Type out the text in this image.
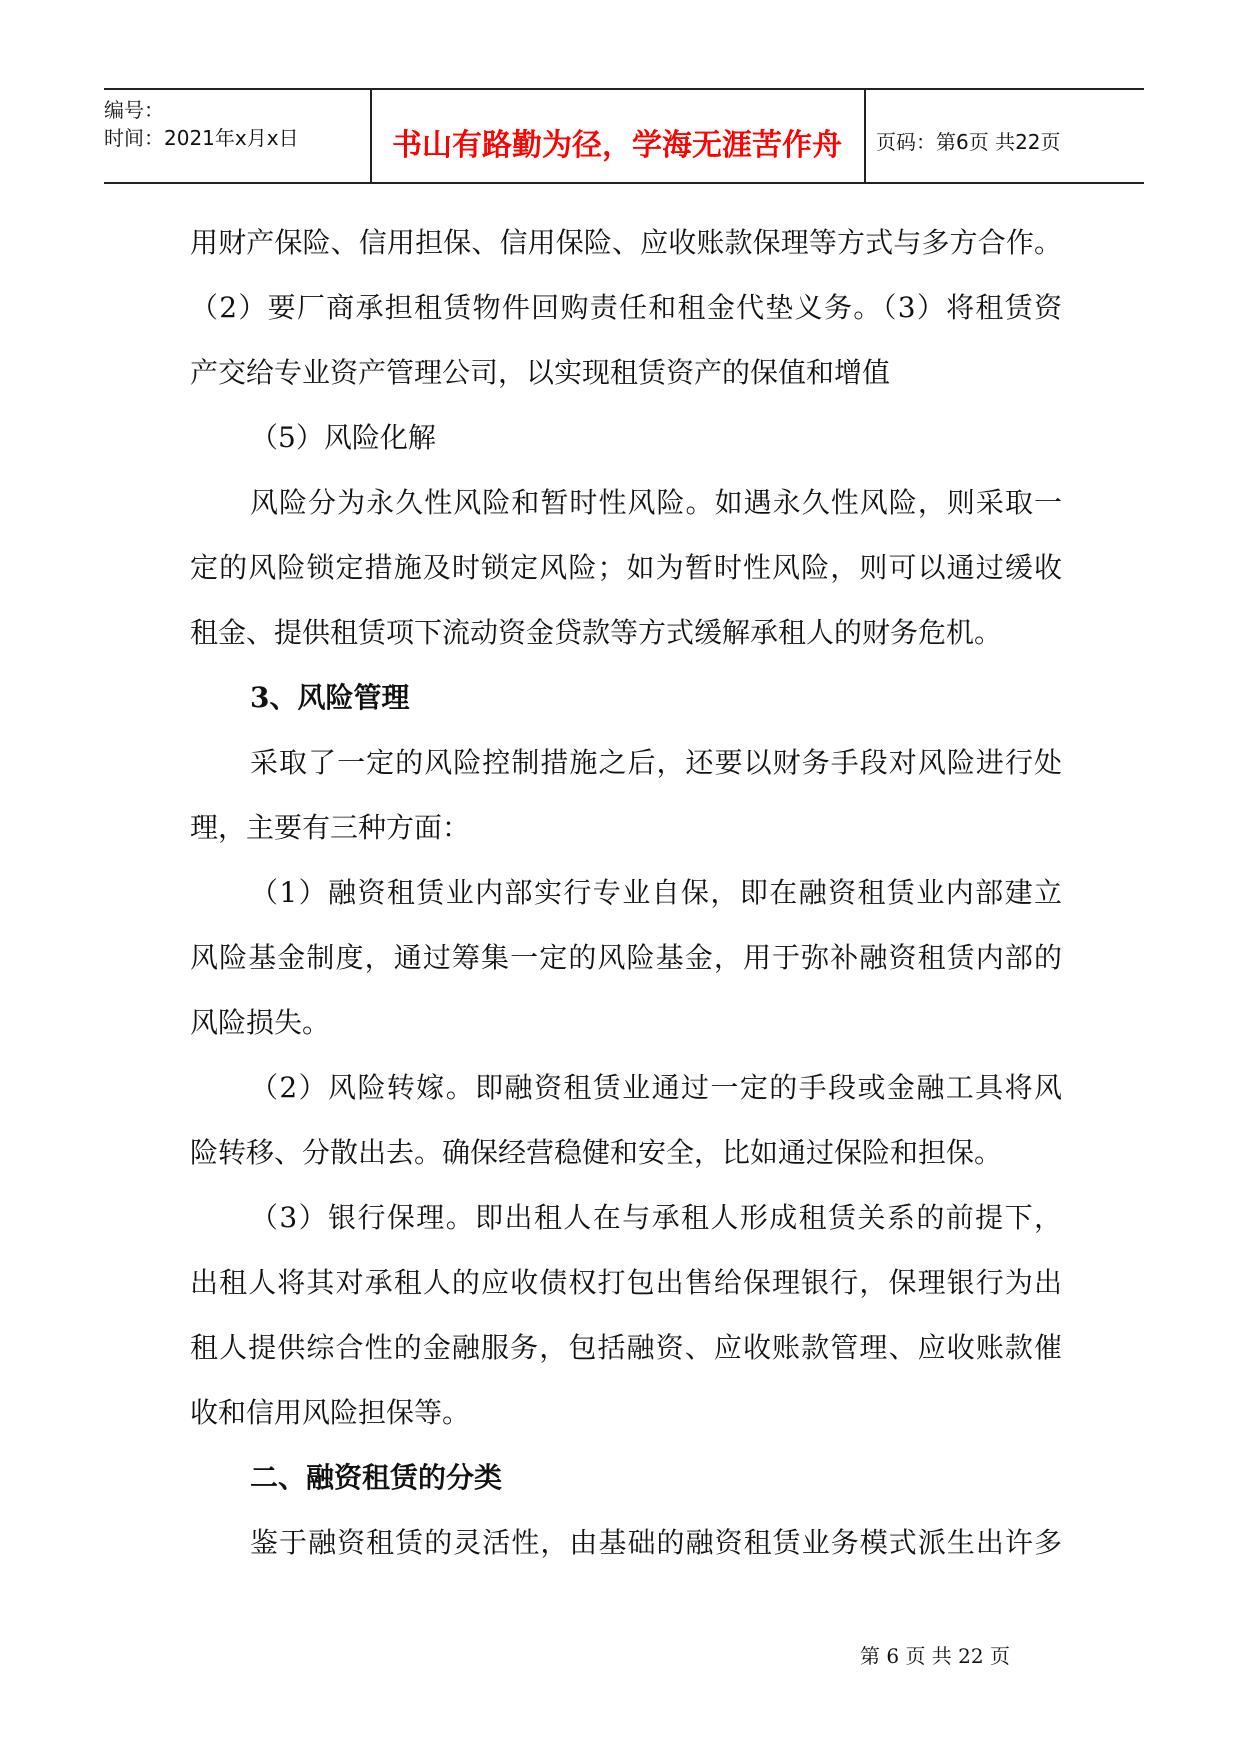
编号：
时间：2021年x月x日	书山有路勤为径，学海无涯苦作舟	页码：第6页 共22页
用财产保险、信用担保、信用保险、应收账款保理等方式与多方合作。
（2）要厂商承担租赁物件回购责任和租金代垫义务。（3）将租赁资
产交给专业资产管理公司，以实现租赁资产的保值和增值
（5）风险化解
风险分为永久性风险和暂时性风险。如遇永久性风险，则采取一
定的风险锁定措施及时锁定风险；如为暂时性风险，则可以通过缓收
租金、提供租赁项下流动资金贷款等方式缓解承租人的财务危机。
3、风险管理
采取了一定的风险控制措施之后，还要以财务手段对风险进行处
理，主要有三种方面：
（1）融资租赁业内部实行专业自保，即在融资租赁业内部建立
风险基金制度，通过筹集一定的风险基金，用于弥补融资租赁内部的
风险损失。
（2）风险转嫁。即融资租赁业通过一定的手段或金融工具将风
险转移、分散出去。确保经营稳健和安全，比如通过保险和担保。
（3）银行保理。即出租人在与承租人形成租赁关系的前提下，
出租人将其对承租人的应收债权打包出售给保理银行，保理银行为出
租人提供综合性的金融服务，包括融资、应收账款管理、应收账款催
收和信用风险担保等。
二、融资租赁的分类
鉴于融资租赁的灵活性，由基础的融资租赁业务模式派生出许多
第 6 页 共 22 页
